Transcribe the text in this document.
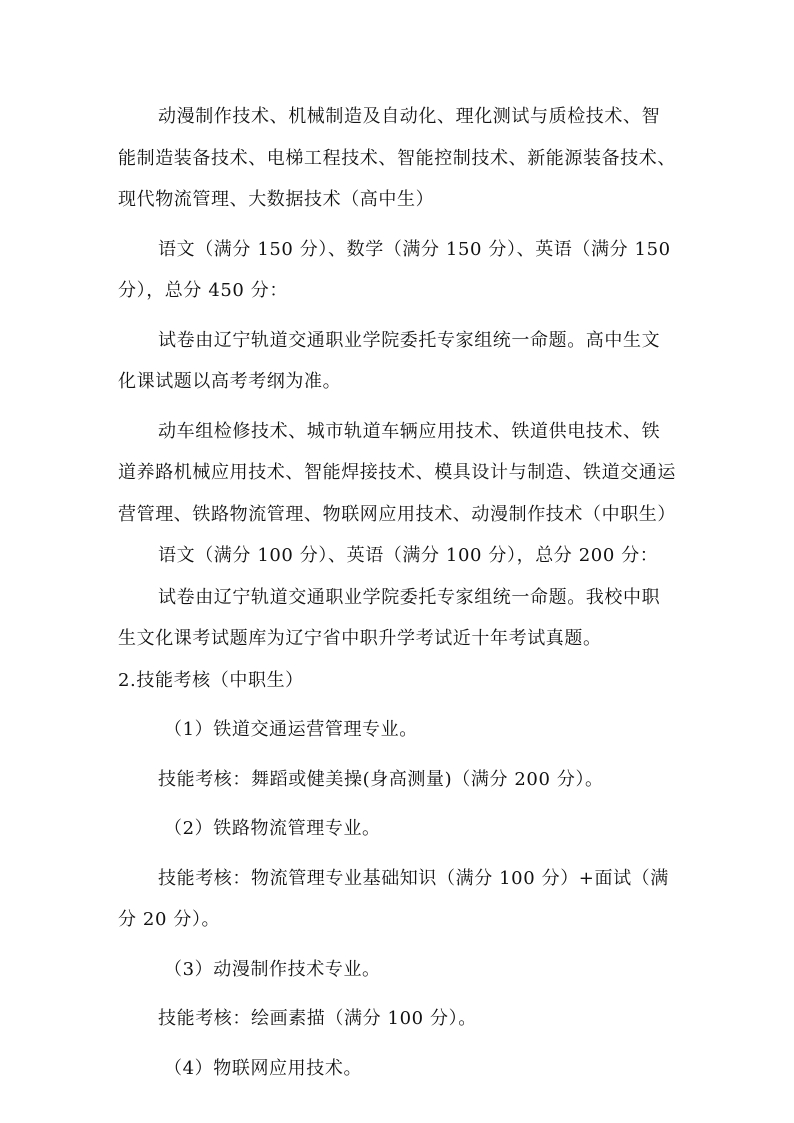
动漫制作技术、机械制造及自动化、理化测试与质检技术、智能制造装备技术、电梯工程技术、智能控制技术、新能源装备技术、现代物流管理、大数据技术（高中生）

语文（满分 150 分）、数学（满分 150 分）、英语（满分 150 分），总分 450 分：

试卷由辽宁轨道交通职业学院委托专家组统一命题。高中生文化课试题以高考考纲为准。

动车组检修技术、城市轨道车辆应用技术、铁道供电技术、铁道养路机械应用技术、智能焊接技术、模具设计与制造、铁道交通运营管理、铁路物流管理、物联网应用技术、动漫制作技术（中职生）

语文（满分 100 分）、英语（满分 100 分），总分 200 分：

试卷由辽宁轨道交通职业学院委托专家组统一命题。我校中职生文化课考试题库为辽宁省中职升学考试近十年考试真题。

2.技能考核（中职生）

（1）铁道交通运营管理专业。

技能考核：舞蹈或健美操(身高测量)（满分 200 分）。

（2）铁路物流管理专业。

技能考核：物流管理专业基础知识（满分 100 分）+面试（满分 20 分）。

（3）动漫制作技术专业。

技能考核：绘画素描（满分 100 分）。

（4）物联网应用技术。
